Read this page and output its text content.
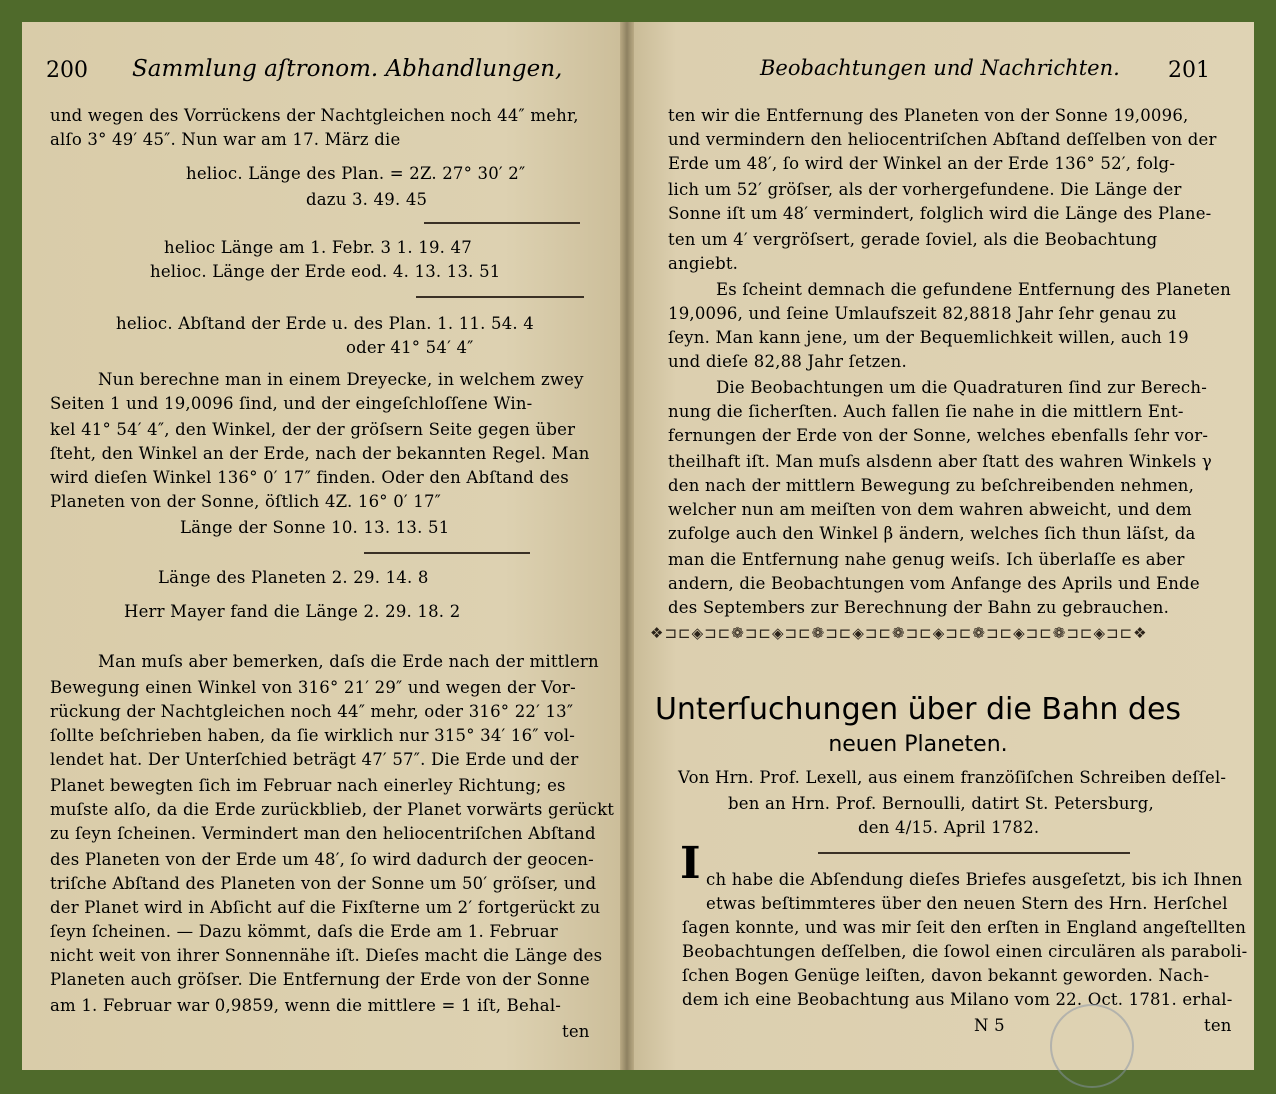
200 Sammlung aſtronom. Abhandlungen,
und wegen des Vorrückens der Nachtgleichen noch 44″ mehr,
alſo 3° 49′ 45″. Nun war am 17. März die
helioc. Länge des Plan. = 2Z. 27° 30′ 2″
dazu 3. 49. 45
helioc Länge am 1. Febr. 3 1. 19. 47
helioc. Länge der Erde eod. 4. 13. 13. 51
helioc. Abſtand der Erde u. des Plan. 1. 11. 54. 4
oder 41° 54′ 4″
Nun berechne man in einem Dreyecke, in welchem zwey
Seiten 1 und 19,0096 ſind, und der eingeſchloſſene Win-
kel 41° 54′ 4″, den Winkel, der der gröſsern Seite gegen über
ſteht, den Winkel an der Erde, nach der bekannten Regel. Man
wird dieſen Winkel 136° 0′ 17″ finden. Oder den Abſtand des
Planeten von der Sonne, öſtlich 4Z. 16° 0′ 17″
Länge der Sonne 10. 13. 13. 51
Länge des Planeten 2. 29. 14. 8
Herr Mayer fand die Länge 2. 29. 18. 2
Man muſs aber bemerken, daſs die Erde nach der mittlern
Bewegung einen Winkel von 316° 21′ 29″ und wegen der Vor-
rückung der Nachtgleichen noch 44″ mehr, oder 316° 22′ 13″
ſollte beſchrieben haben, da ſie wirklich nur 315° 34′ 16″ vol-
lendet hat. Der Unterſchied beträgt 47′ 57″. Die Erde und der
Planet bewegten ſich im Februar nach einerley Richtung; es
muſste alſo, da die Erde zurückblieb, der Planet vorwärts gerückt
zu ſeyn ſcheinen. Vermindert man den heliocentriſchen Abſtand
des Planeten von der Erde um 48′, ſo wird dadurch der geocen-
triſche Abſtand des Planeten von der Sonne um 50′ gröſser, und
der Planet wird in Abſicht auf die Fixſterne um 2′ fortgerückt zu
ſeyn ſcheinen. — Dazu kömmt, daſs die Erde am 1. Februar
nicht weit von ihrer Sonnennähe iſt. Dieſes macht die Länge des
Planeten auch gröſser. Die Entfernung der Erde von der Sonne
am 1. Februar war 0,9859, wenn die mittlere = 1 iſt, Behal-
ten
Beobachtungen und Nachrichten. 201
ten wir die Entfernung des Planeten von der Sonne 19,0096,
und vermindern den heliocentriſchen Abſtand deſſelben von der
Erde um 48′, ſo wird der Winkel an der Erde 136° 52′, folg-
lich um 52′ gröſser, als der vorhergefundene. Die Länge der
Sonne iſt um 48′ vermindert, folglich wird die Länge des Plane-
ten um 4′ vergröſsert, gerade ſoviel, als die Beobachtung
angiebt.
Es ſcheint demnach die gefundene Entfernung des Planeten
19,0096, und ſeine Umlaufszeit 82,8818 Jahr ſehr genau zu
ſeyn. Man kann jene, um der Bequemlichkeit willen, auch 19
und dieſe 82,88 Jahr ſetzen.
Die Beobachtungen um die Quadraturen ſind zur Berech-
nung die ſicherſten. Auch fallen ſie nahe in die mittlern Ent-
fernungen der Erde von der Sonne, welches ebenfalls ſehr vor-
theilhaft iſt. Man muſs alsdenn aber ſtatt des wahren Winkels γ
den nach der mittlern Bewegung zu beſchreibenden nehmen,
welcher nun am meiſten von dem wahren abweicht, und dem
zufolge auch den Winkel β ändern, welches ſich thun läſst, da
man die Entfernung nahe genug weiſs. Ich überlaſſe es aber
andern, die Beobachtungen vom Anfange des Aprils und Ende
des Septembers zur Berechnung der Bahn zu gebrauchen.
❖⊐⊏◈⊐⊏❁⊐⊏◈⊐⊏❁⊐⊏◈⊐⊏❁⊐⊏◈⊐⊏❁⊐⊏◈⊐⊏❁⊐⊏◈⊐⊏❖
Unterſuchungen über die Bahn des
neuen Planeten.
Von Hrn. Prof. Lexell, aus einem franzöſiſchen Schreiben deſſel-
ben an Hrn. Prof. Bernoulli, datirt St. Petersburg,
den 4/15. April 1782.
I ch habe die Abſendung dieſes Briefes ausgeſetzt, bis ich Ihnen
etwas beſtimmteres über den neuen Stern des Hrn. Herſchel
ſagen konnte, und was mir ſeit den erſten in England angeſtellten
Beobachtungen deſſelben, die ſowol einen circulären als paraboli-
ſchen Bogen Genüge leiſten, davon bekannt geworden. Nach-
dem ich eine Beobachtung aus Milano vom 22. Oct. 1781. erhal-
ten
N 5
